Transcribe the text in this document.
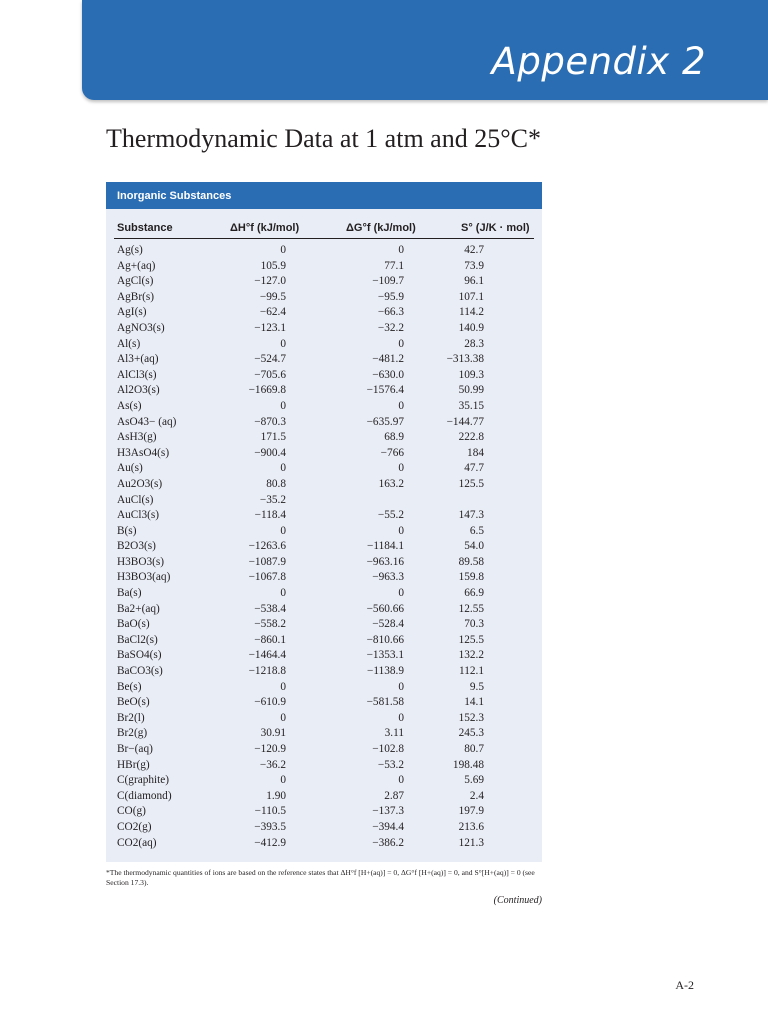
Appendix 2
Thermodynamic Data at 1 atm and 25°C*
Inorganic Substances
Substance	ΔH°f (kJ/mol)	ΔG°f (kJ/mol)	S° (J/K · mol)
Ag(s)	0	0	42.7
Ag+(aq)	105.9	77.1	73.9
AgCl(s)	−127.0	−109.7	96.1
AgBr(s)	−99.5	−95.9	107.1
AgI(s)	−62.4	−66.3	114.2
AgNO3(s)	−123.1	−32.2	140.9
Al(s)	0	0	28.3
Al3+(aq)	−524.7	−481.2	−313.38
AlCl3(s)	−705.6	−630.0	109.3
Al2O3(s)	−1669.8	−1576.4	50.99
As(s)	0	0	35.15
AsO43− (aq)	−870.3	−635.97	−144.77
AsH3(g)	171.5	68.9	222.8
H3AsO4(s)	−900.4	−766	184
Au(s)	0	0	47.7
Au2O3(s)	80.8	163.2	125.5
AuCl(s)	−35.2
AuCl3(s)	−118.4	−55.2	147.3
B(s)	0	0	6.5
B2O3(s)	−1263.6	−1184.1	54.0
H3BO3(s)	−1087.9	−963.16	89.58
H3BO3(aq)	−1067.8	−963.3	159.8
Ba(s)	0	0	66.9
Ba2+(aq)	−538.4	−560.66	12.55
BaO(s)	−558.2	−528.4	70.3
BaCl2(s)	−860.1	−810.66	125.5
BaSO4(s)	−1464.4	−1353.1	132.2
BaCO3(s)	−1218.8	−1138.9	112.1
Be(s)	0	0	9.5
BeO(s)	−610.9	−581.58	14.1
Br2(l)	0	0	152.3
Br2(g)	30.91	3.11	245.3
Br−(aq)	−120.9	−102.8	80.7
HBr(g)	−36.2	−53.2	198.48
C(graphite)	0	0	5.69
C(diamond)	1.90	2.87	2.4
CO(g)	−110.5	−137.3	197.9
CO2(g)	−393.5	−394.4	213.6
CO2(aq)	−412.9	−386.2	121.3
*The thermodynamic quantities of ions are based on the reference states that ΔH°f [H+(aq)] = 0, ΔG°f [H+(aq)] = 0, and S°[H+(aq)] = 0 (see Section 17.3).
(Continued)
A-2
